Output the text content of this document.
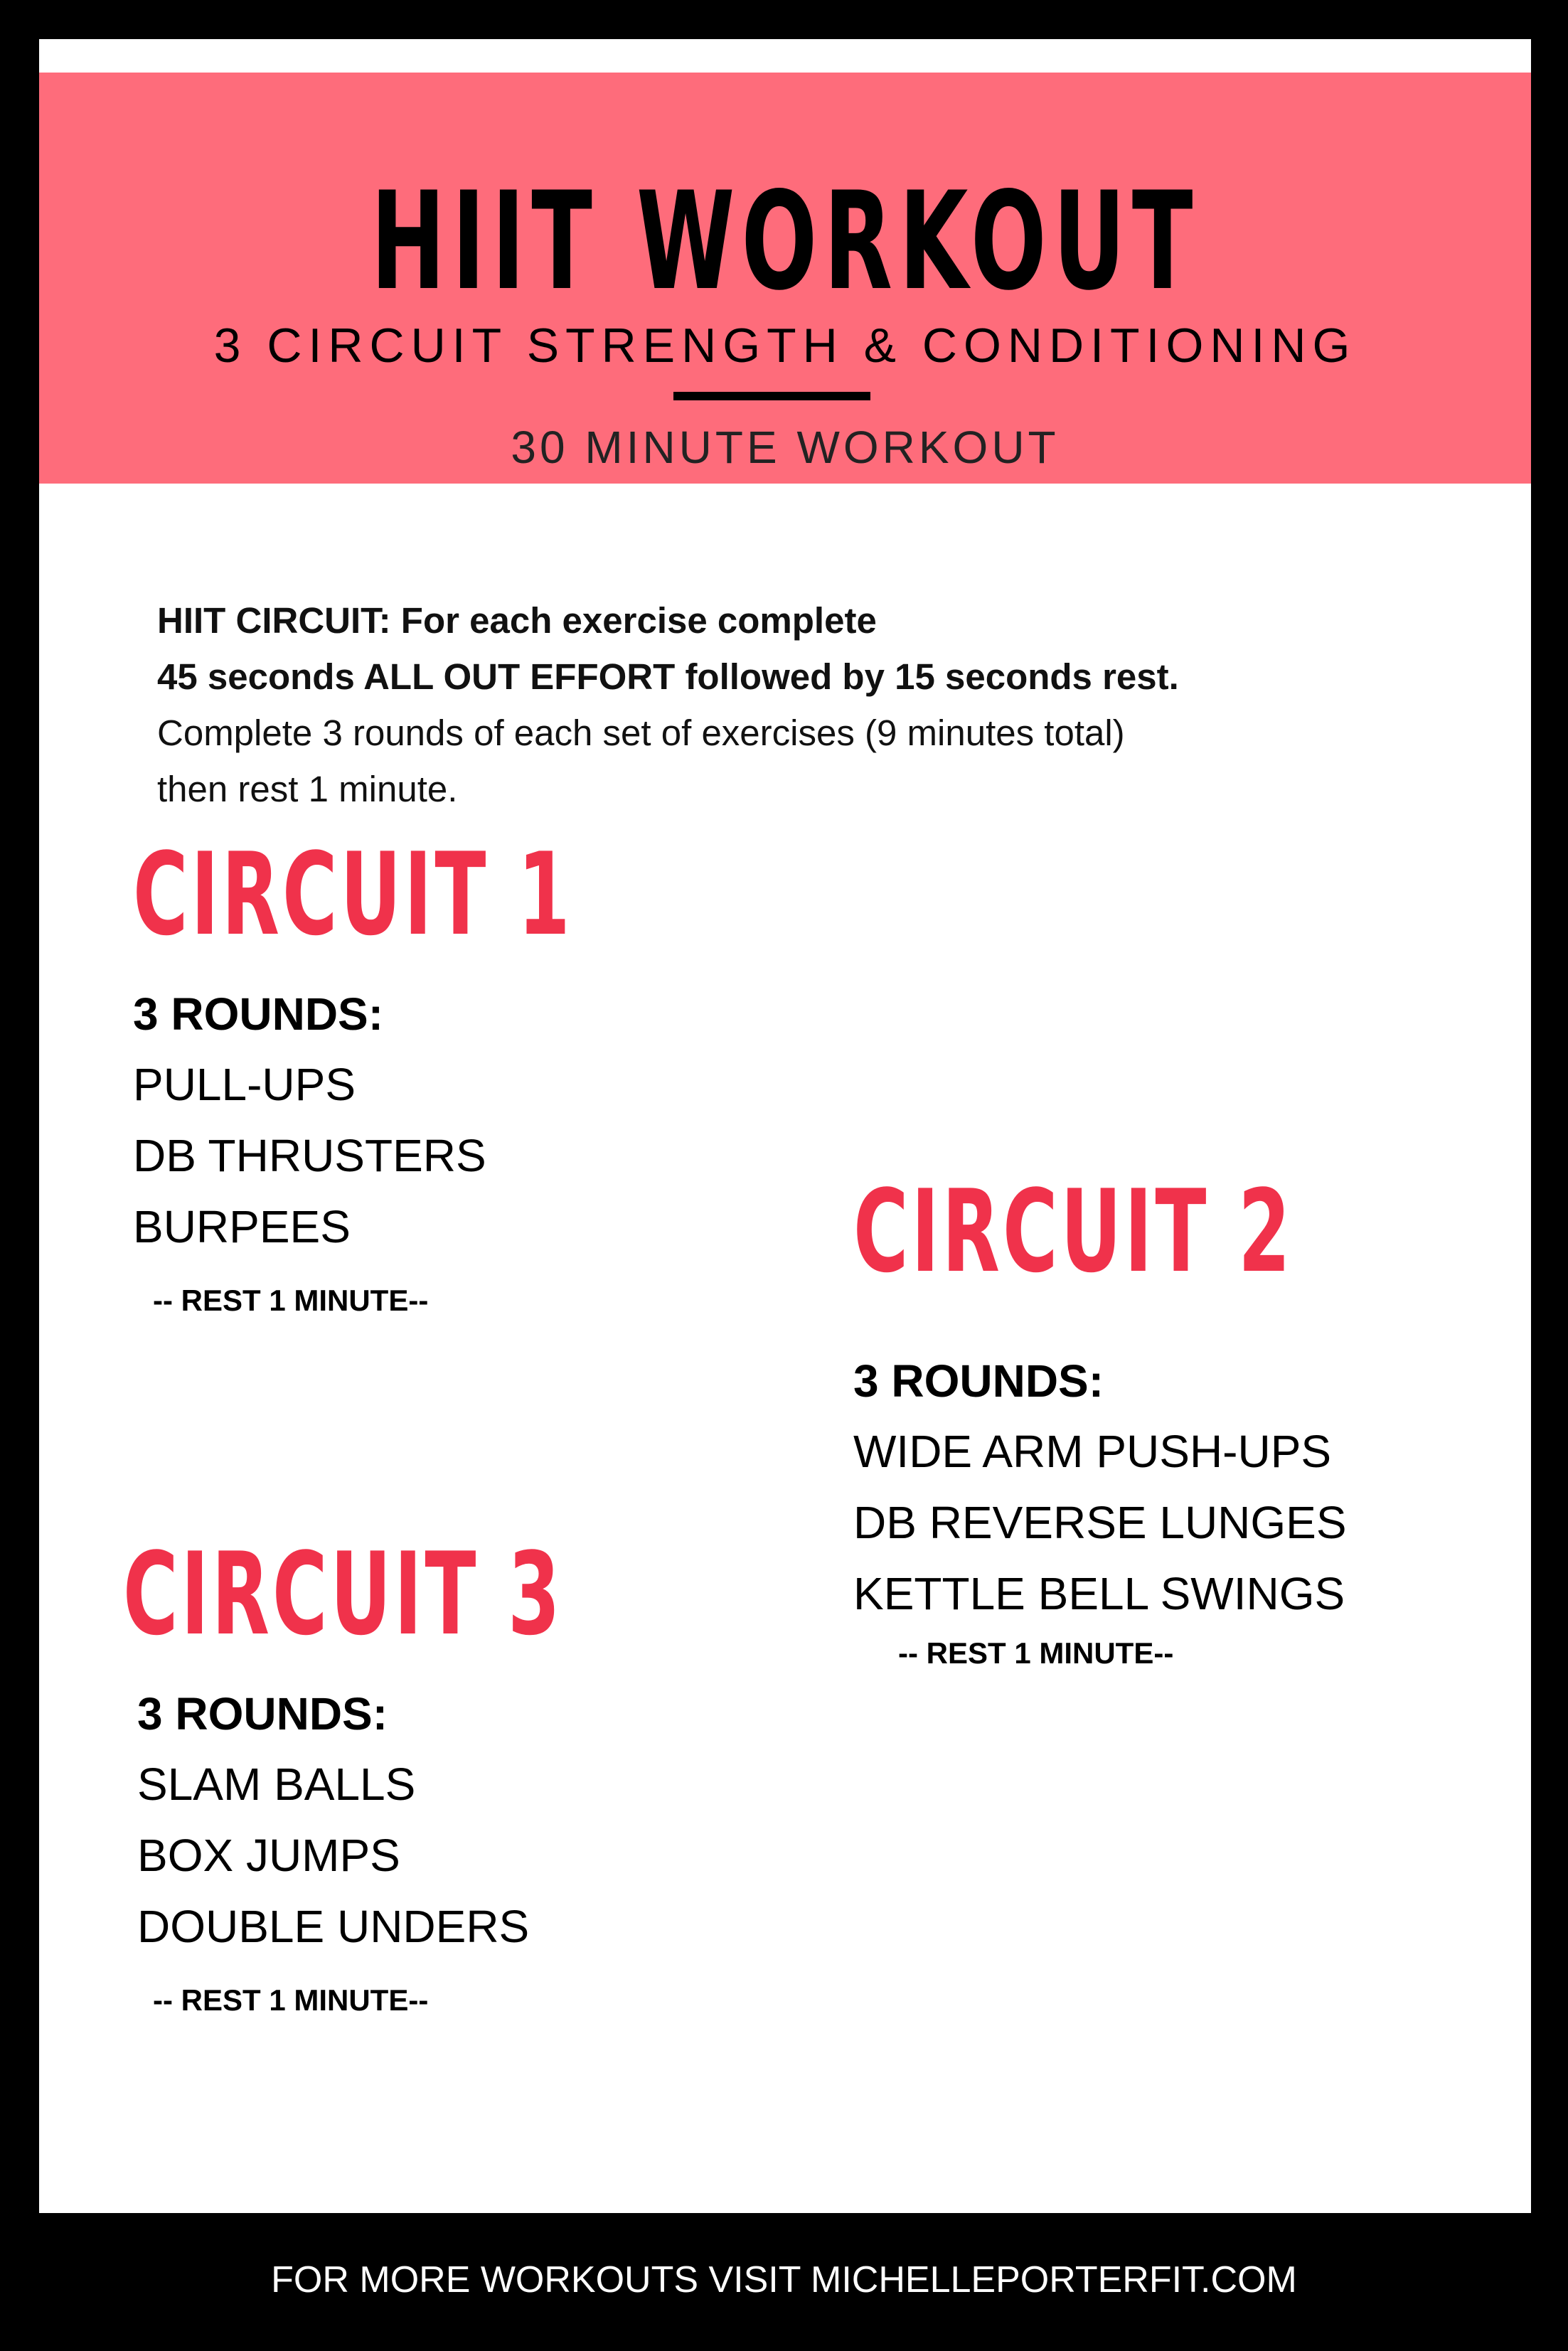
HIIT WORKOUT
3 CIRCUIT STRENGTH & CONDITIONING
30 MINUTE WORKOUT
HIIT CIRCUIT: For each exercise complete
45 seconds ALL OUT EFFORT followed by 15 seconds rest.
Complete 3 rounds of each set of exercises (9 minutes total)
then rest 1 minute.
CIRCUIT 1
3 ROUNDS:
PULL-UPS
DB THRUSTERS
BURPEES
-- REST 1 MINUTE--
CIRCUIT 2
3 ROUNDS:
WIDE ARM PUSH-UPS
DB REVERSE LUNGES
KETTLE BELL SWINGS
-- REST 1 MINUTE--
CIRCUIT 3
3 ROUNDS:
SLAM BALLS
BOX JUMPS
DOUBLE UNDERS
-- REST 1 MINUTE--
FOR MORE WORKOUTS VISIT MICHELLEPORTERFIT.COM
